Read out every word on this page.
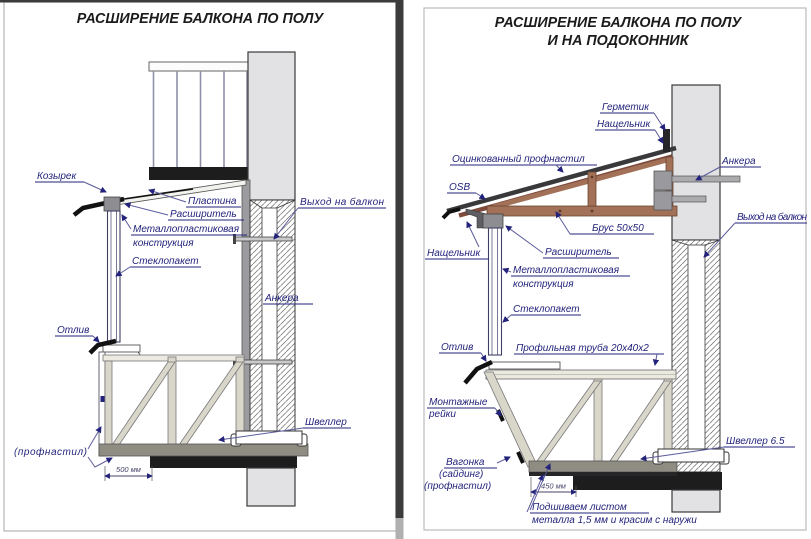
РАСШИРЕНИЕ БАЛКОНА ПО ПОЛУ
500 мм
Козырек
Пластина
Расширитель
Металлопластиковая
конструкция
Стеклопакет
Отлив
(профнастил)
Выход на балкон
Анкера
Швеллер
РАСШИРЕНИЕ БАЛКОНА ПО ПОЛУ
И НА ПОДОКОННИК
450 мм
Герметик
Нащельник
Анкера
Оцинкованный профнастил
OSB
Брус 50х50
Выход на балкон
Нащельник	Расширитель
Металлопластиковая
конструкция
Стеклопакет
Профильная труба 20х40х2
Отлив
Монтажные
рейки
Вагонка
(сайдинг)
(профнастил)
Швеллер 6.5
Подшиваем листом
металла 1,5 мм и красим с наружи
